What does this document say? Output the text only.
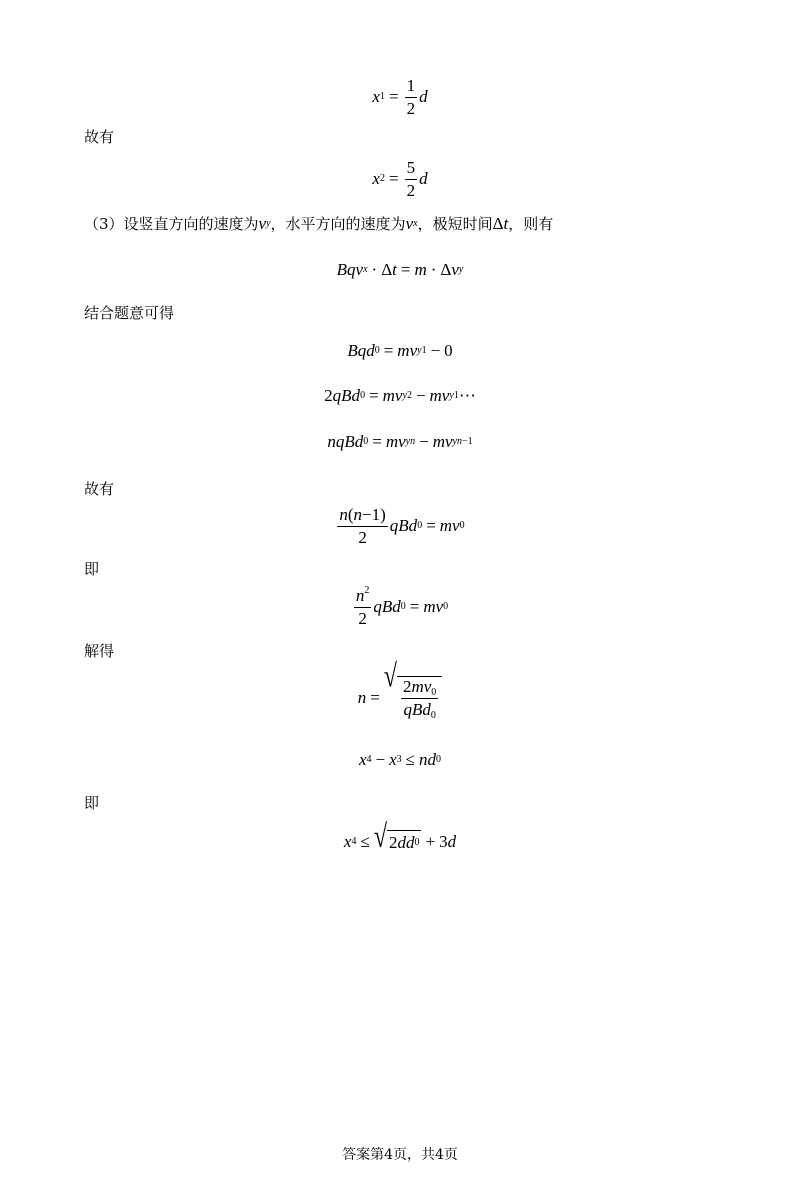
x $1 = \frac{1}{2}$ d
故有
x $2 = \frac{5}{2}$ d
（3）设竖直方向的速度为 v y ，水平方向的速度为 v x ，极短时间Δ t ，则有
Bqv x · Δ t = m · Δ v y
结合题意可得
Bqd 0 = mv y1 − 0
2 qBd 0 = mv y2 − mv y1 ⋯
nqBd 0 = mv yn − mv yn−1
故有
$\frac{n(n-1)}{2}$ qBd 0 = mv 0
即
$\frac{n^2}{2}$ qBd 0 = mv 0
解得
n =
√ $\frac{2mv_0}{qBd_0}$
x 4 − x 3 ≤ nd 0
即
x 4 ≤ √ 2 dd 0 + 3 d
答案第4页，共4页
